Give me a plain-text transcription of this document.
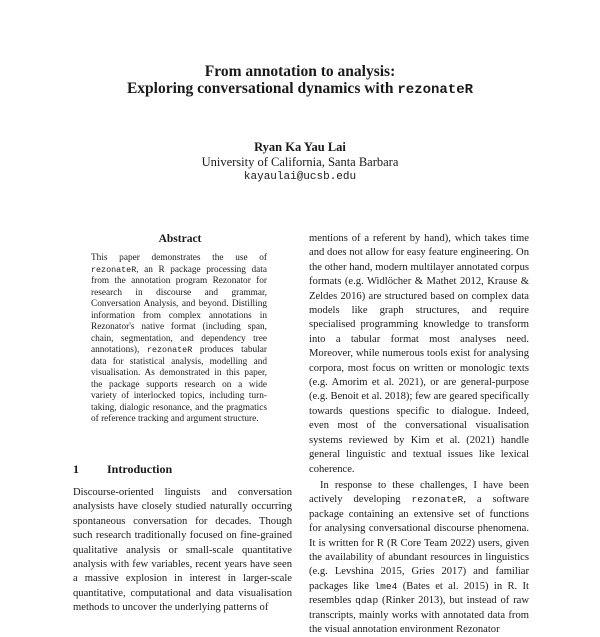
From annotation to analysis:
Exploring conversational dynamics with rezonateR
Ryan Ka Yau Lai
University of California, Santa Barbara
kayaulai@ucsb.edu
Abstract
This paper demonstrates the use of rezonateR, an R package processing data from the annotation program Rezonator for research in discourse and grammar, Conversation Analysis, and beyond. Distilling information from complex annotations in Rezonator's native format (including span, chain, segmentation, and dependency tree annotations), rezonateR produces tabular data for statistical analysis, modelling and visualisation. As demonstrated in this paper, the package supports research on a wide variety of interlocked topics, including turn-taking, dialogic resonance, and the pragmatics of reference tracking and argument structure.
1 Introduction

Discourse-oriented linguists and conversation analysists have closely studied naturally occurring spontaneous conversation for decades. Though such research traditionally focused on fine-grained qualitative analysis or small-scale quantitative analysis with few variables, recent years have seen a massive explosion in interest in larger-scale quantitative, computational and data visualisation methods to uncover the underlying patterns of

mentions of a referent by hand), which takes time and does not allow for easy feature engineering. On the other hand, modern multilayer annotated corpus formats (e.g. Widlöcher & Mathet 2012, Krause & Zeldes 2016) are structured based on complex data models like graph structures, and require specialised programming knowledge to transform into a tabular format most analyses need. Moreover, while numerous tools exist for analysing corpora, most focus on written or monologic texts (e.g. Amorim et al. 2021), or are general-purpose (e.g. Benoit et al. 2018); few are geared specifically towards questions specific to dialogue. Indeed, even most of the conversational visualisation systems reviewed by Kim et al. (2021) handle general linguistic and textual issues like lexical coherence.

In response to these challenges, I have been actively developing rezonateR, a software package containing an extensive set of functions for analysing conversational discourse phenomena. It is written for R (R Core Team 2022) users, given the availability of abundant resources in linguistics (e.g. Levshina 2015, Gries 2017) and familiar packages like lme4 (Bates et al. 2015) in R. It resembles qdap (Rinker 2013), but instead of raw transcripts, mainly works with annotated data from the visual annotation environment Rezonator
